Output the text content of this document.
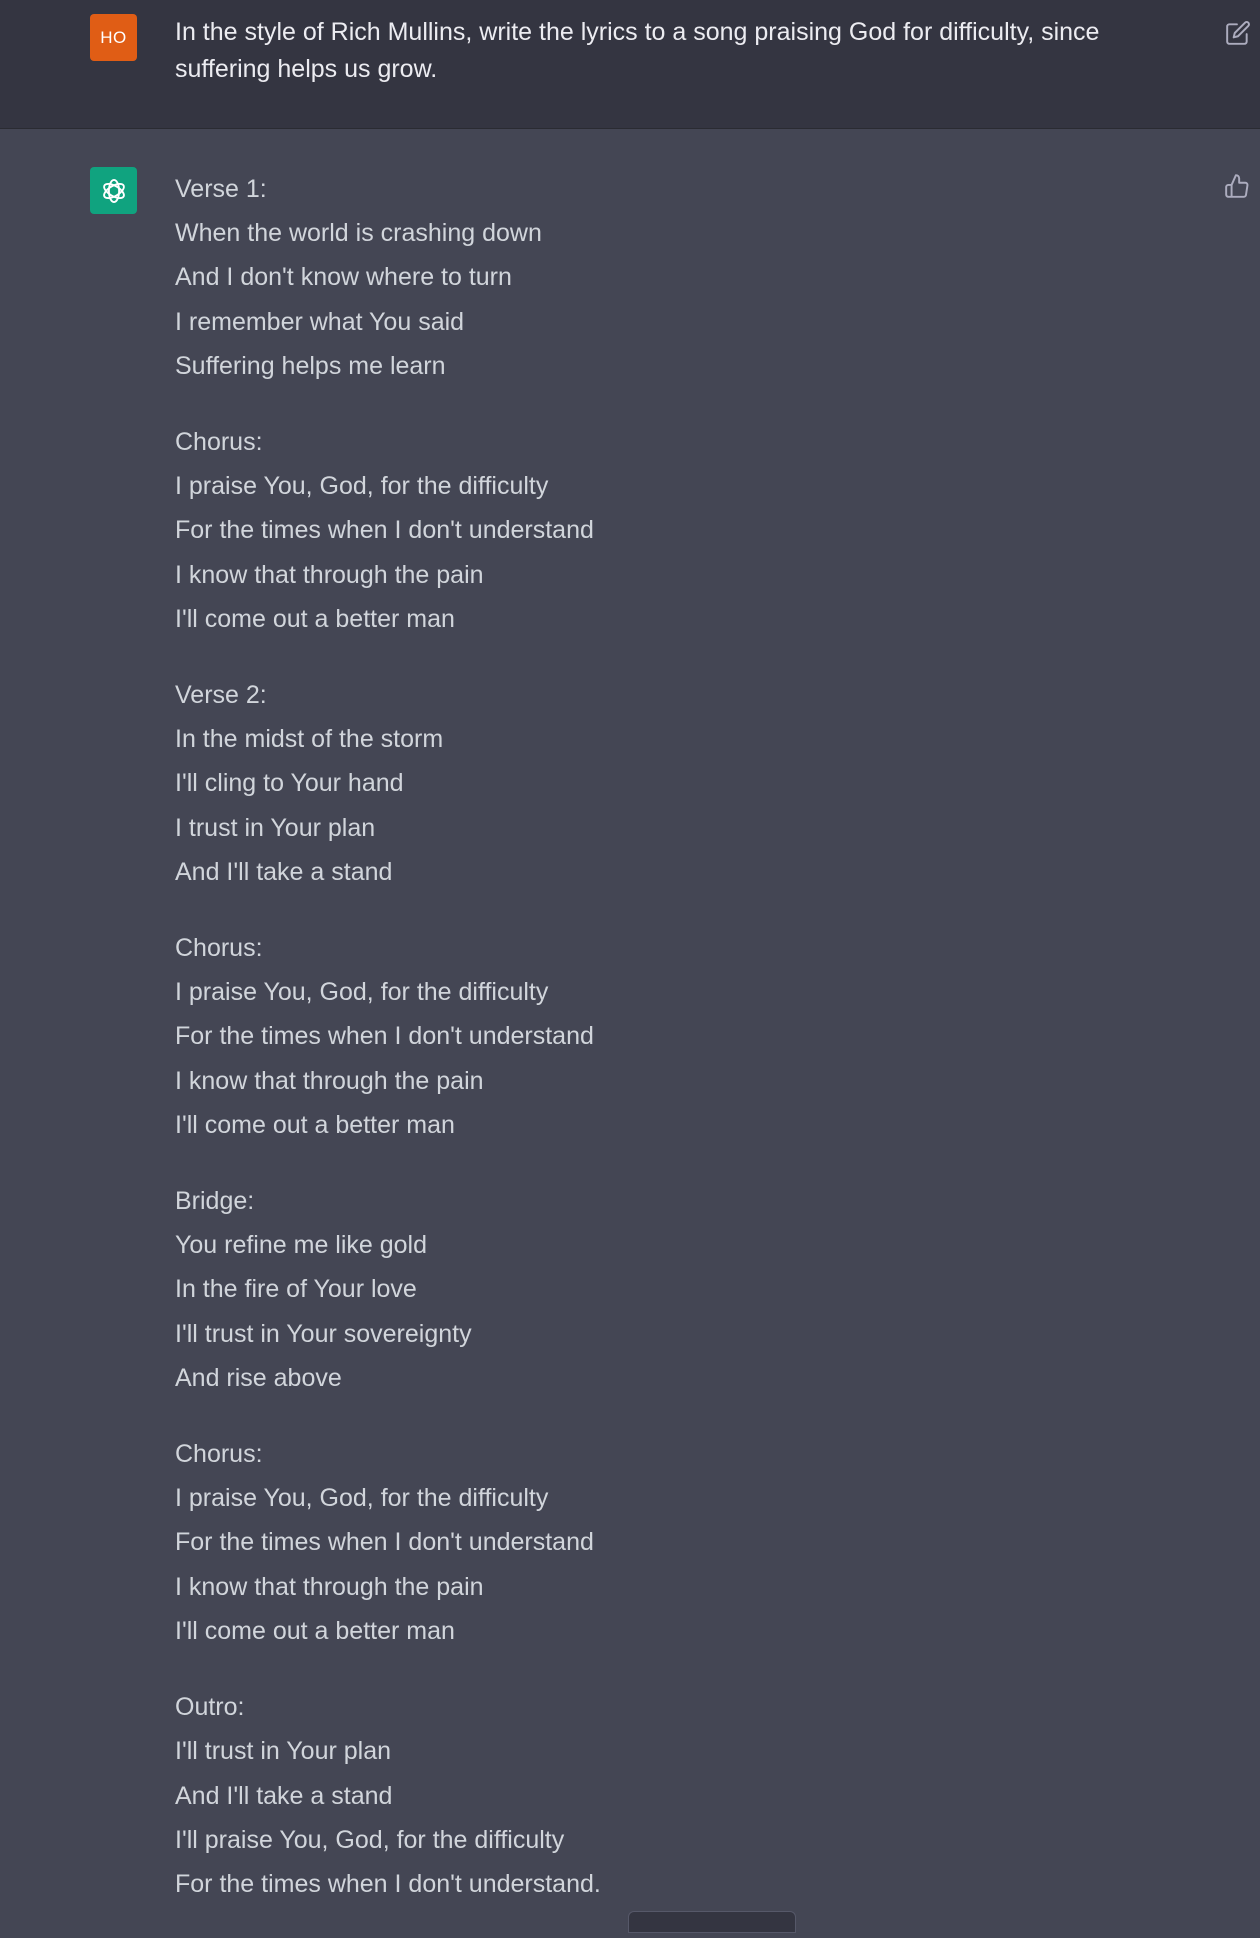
HO In the style of Rich Mullins, write the lyrics to a song praising God for difficulty, since suffering helps us grow.
Verse 1:
When the world is crashing down
And I don't know where to turn
I remember what You said
Suffering helps me learn
Chorus:
I praise You, God, for the difficulty
For the times when I don't understand
I know that through the pain
I'll come out a better man
Verse 2:
In the midst of the storm
I'll cling to Your hand
I trust in Your plan
And I'll take a stand
Chorus:
I praise You, God, for the difficulty
For the times when I don't understand
I know that through the pain
I'll come out a better man
Bridge:
You refine me like gold
In the fire of Your love
I'll trust in Your sovereignty
And rise above
Chorus:
I praise You, God, for the difficulty
For the times when I don't understand
I know that through the pain
I'll come out a better man
Outro:
I'll trust in Your plan
And I'll take a stand
I'll praise You, God, for the difficulty
For the times when I don't understand.
